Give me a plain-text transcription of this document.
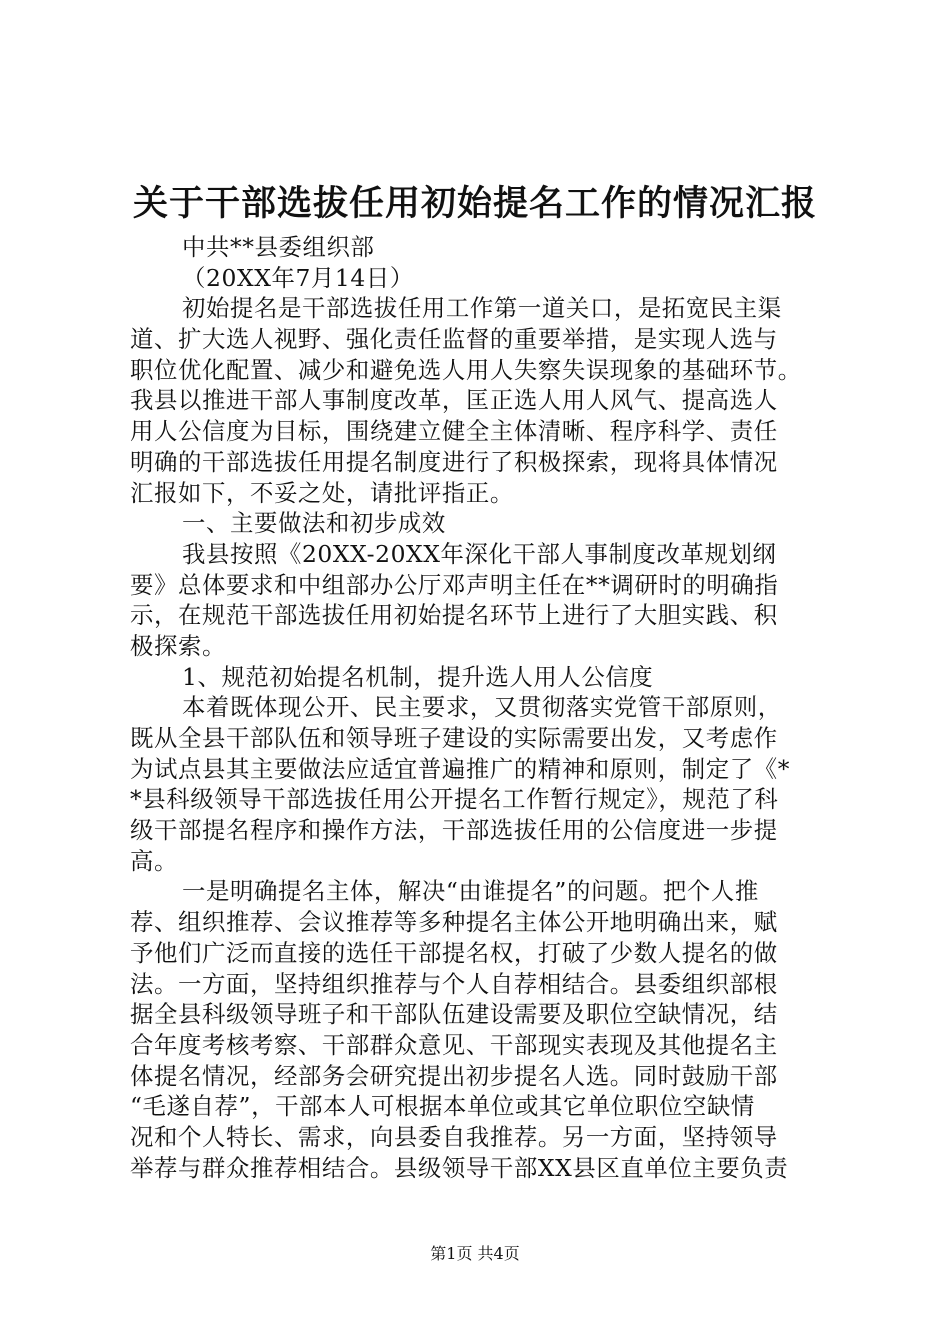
关于干部选拔任用初始提名工作的情况汇报
中共**县委组织部
（20XX年7月14日）
初始提名是干部选拔任用工作第一道关口，是拓宽民主渠
道、扩大选人视野、强化责任监督的重要举措，是实现人选与
职位优化配置、减少和避免选人用人失察失误现象的基础环节。
我县以推进干部人事制度改革，匡正选人用人风气、提高选人
用人公信度为目标，围绕建立健全主体清晰、程序科学、责任
明确的干部选拔任用提名制度进行了积极探索，现将具体情况
汇报如下，不妥之处，请批评指正。
一、主要做法和初步成效
我县按照《20XX-20XX年深化干部人事制度改革规划纲
要》总体要求和中组部办公厅邓声明主任在**调研时的明确指
示，在规范干部选拔任用初始提名环节上进行了大胆实践、积
极探索。
1、规范初始提名机制，提升选人用人公信度
本着既体现公开、民主要求，又贯彻落实党管干部原则，
既从全县干部队伍和领导班子建设的实际需要出发，又考虑作
为试点县其主要做法应适宜普遍推广的精神和原则，制定了《*
*县科级领导干部选拔任用公开提名工作暂行规定》，规范了科
级干部提名程序和操作方法，干部选拔任用的公信度进一步提
高。
一是明确提名主体，解决“由谁提名”的问题。把个人推
荐、组织推荐、会议推荐等多种提名主体公开地明确出来，赋
予他们广泛而直接的选任干部提名权，打破了少数人提名的做
法。一方面，坚持组织推荐与个人自荐相结合。县委组织部根
据全县科级领导班子和干部队伍建设需要及职位空缺情况，结
合年度考核考察、干部群众意见、干部现实表现及其他提名主
体提名情况，经部务会研究提出初步提名人选。同时鼓励干部
“毛遂自荐”，干部本人可根据本单位或其它单位职位空缺情
况和个人特长、需求，向县委自我推荐。另一方面，坚持领导
举荐与群众推荐相结合。县级领导干部XX县区直单位主要负责
第1页 共4页
